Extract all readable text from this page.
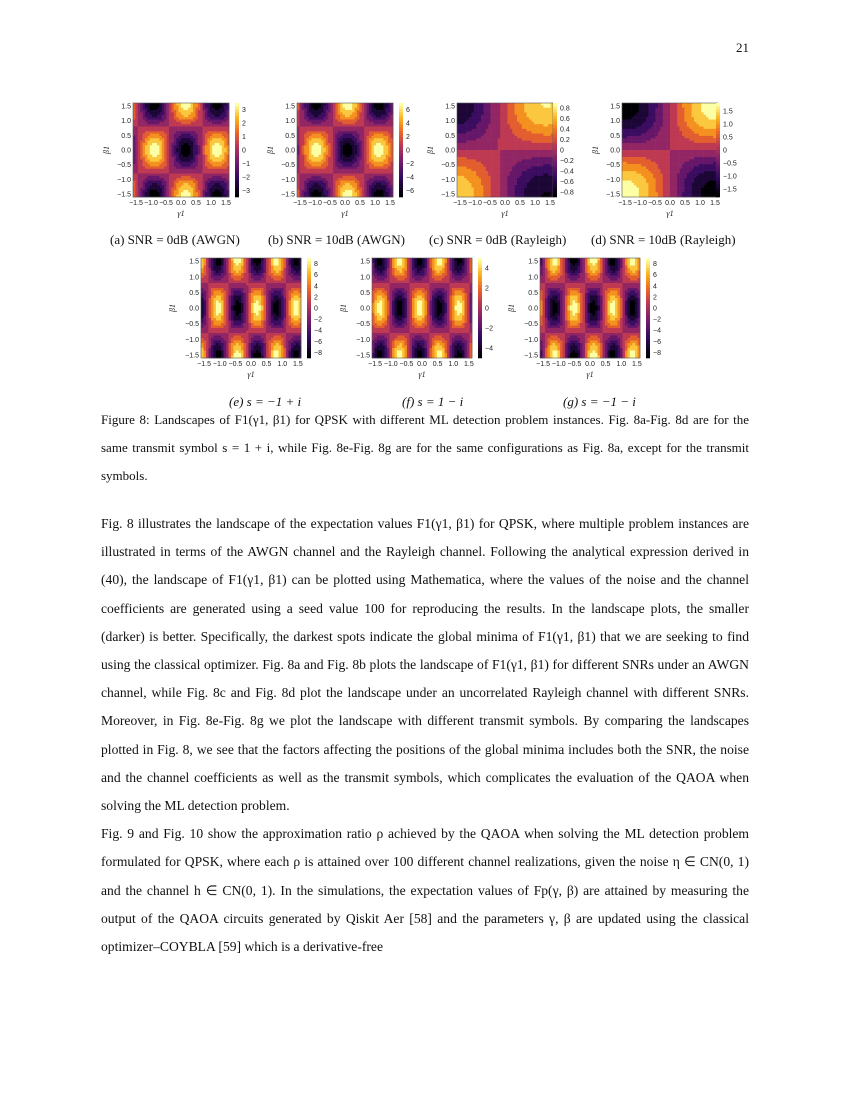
21
−1.5 −1.0 −0.5 0.0 0.5 1.0 1.5
1.5
1.0
0.5
0.0
−0.5
−1.0
−1.5
γ1
β1
3
2
1
0
−1
−2
−3
−1.5 −1.0 −0.5 0.0 0.5 1.0 1.5
1.5
1.0
0.5
0.0
−0.5
−1.0
−1.5
γ1
β1
6
4
2
0
−2
−4
−6
−1.5 −1.0 −0.5 0.0 0.5 1.0 1.5
1.5
1.0
0.5
0.0
−0.5
−1.0
−1.5
γ1
β1
0.8
0.6
0.4
0.2
0
−0.2
−0.4
−0.6
−0.8
−1.5 −1.0 −0.5 0.0 0.5 1.0 1.5
1.5
1.0
0.5
0.0
−0.5
−1.0
−1.5
γ1
β1
1.5
1.0
0.5
0
−0.5
−1.0
−1.5
(a) SNR = 0dB (AWGN) (b) SNR = 10dB (AWGN) (c) SNR = 0dB (Rayleigh) (d) SNR = 10dB (Rayleigh)
−1.5 −1.0 −0.5 0.0 0.5 1.0 1.5
1.5
1.0
0.5
0.0
−0.5
−1.0
−1.5
γ1
β1
8
6
4
2
0
−2
−4
−6
−8
−1.5 −1.0 −0.5 0.0 0.5 1.0 1.5
1.5
1.0
0.5
0.0
−0.5
−1.0
−1.5
γ1
β1
4
2
0
−2
−4
−1.5 −1.0 −0.5 0.0 0.5 1.0 1.5
1.5
1.0
0.5
0.0
−0.5
−1.0
−1.5
γ1
β1
8
6
4
2
0
−2
−4
−6
−8
(e) s = −1 + i	(f) s = 1 − i	(g) s = −1 − i
Figure 8: Landscapes of F1(γ1, β1) for QPSK with different ML detection problem instances. Fig. 8a-Fig. 8d are for the same transmit symbol s = 1 + i, while Fig. 8e-Fig. 8g are for the same configurations as Fig. 8a, except for the transmit symbols.

Fig. 8 illustrates the landscape of the expectation values F1(γ1, β1) for QPSK, where multiple problem instances are illustrated in terms of the AWGN channel and the Rayleigh channel. Following the analytical expression derived in (40), the landscape of F1(γ1, β1) can be plotted using Mathematica, where the values of the noise and the channel coefficients are generated using a seed value 100 for reproducing the results. In the landscape plots, the smaller (darker) is better. Specifically, the darkest spots indicate the global minima of F1(γ1, β1) that we are seeking to find using the classical optimizer. Fig. 8a and Fig. 8b plots the landscape of F1(γ1, β1) for different SNRs under an AWGN channel, while Fig. 8c and Fig. 8d plot the landscape under an uncorrelated Rayleigh channel with different SNRs. Moreover, in Fig. 8e-Fig. 8g we plot the landscape with different transmit symbols. By comparing the landscapes plotted in Fig. 8, we see that the factors affecting the positions of the global minima includes both the SNR, the noise and the channel coefficients as well as the transmit symbols, which complicates the evaluation of the QAOA when solving the ML detection problem.

Fig. 9 and Fig. 10 show the approximation ratio ρ achieved by the QAOA when solving the ML detection problem formulated for QPSK, where each ρ is attained over 100 different channel realizations, given the noise η ∈ CN(0, 1) and the channel h ∈ CN(0, 1). In the simulations, the expectation values of Fp(γ, β) are attained by measuring the output of the QAOA circuits generated by Qiskit Aer [58] and the parameters γ, β are updated using the classical optimizer–COYBLA [59] which is a derivative-free
